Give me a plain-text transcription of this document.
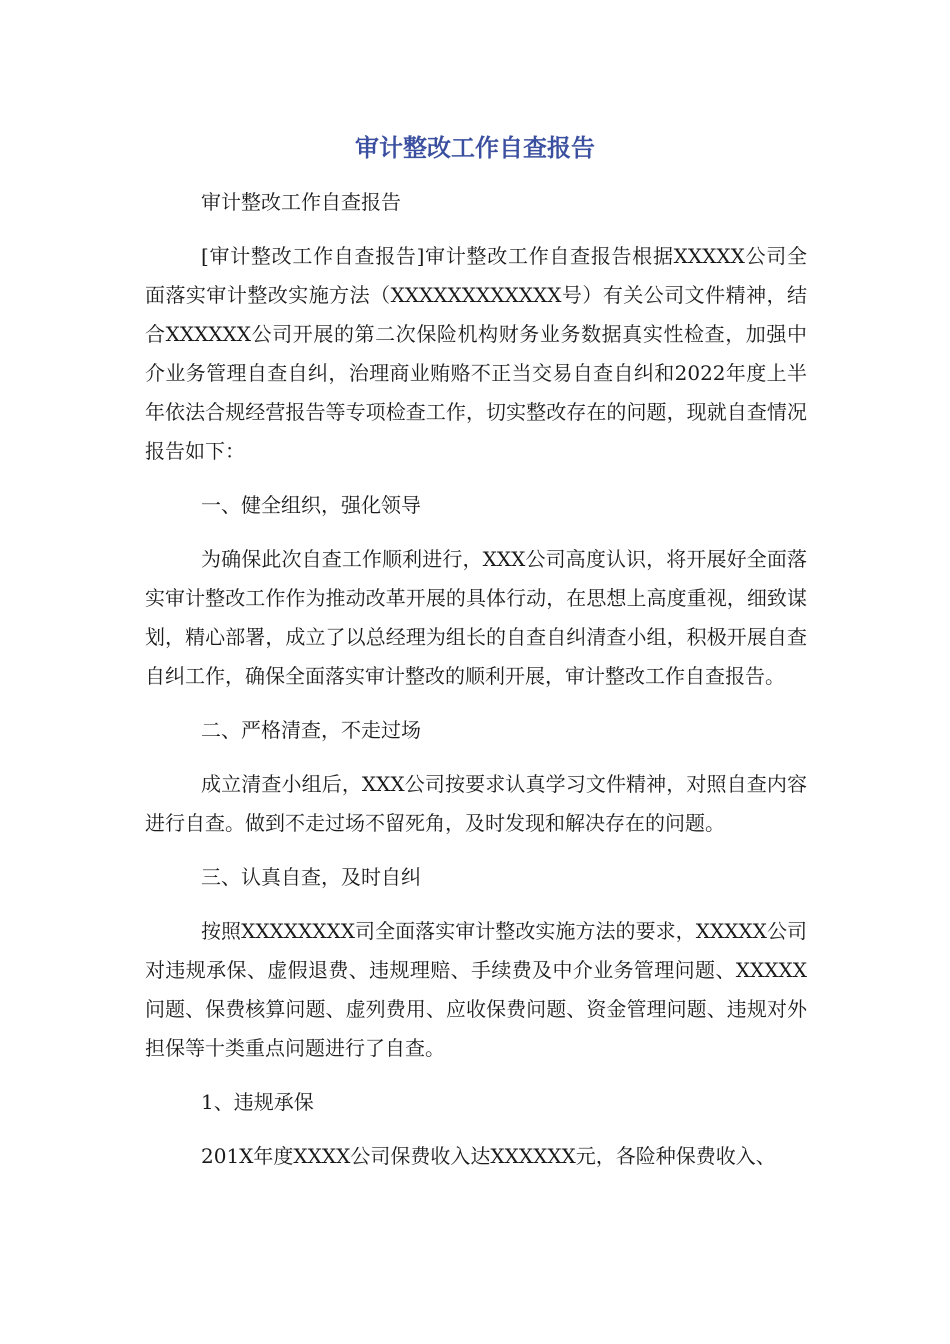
审计整改工作自查报告

审计整改工作自查报告

[审计整改工作自查报告]审计整改工作自查报告根据XXXXX公司全面落实审计整改实施方法（XXXXXXXXXXXX号）有关公司文件精神，结合XXXXXX公司开展的第二次保险机构财务业务数据真实性检查，加强中介业务管理自查自纠，治理商业贿赂不正当交易自查自纠和2022年度上半年依法合规经营报告等专项检查工作，切实整改存在的问题，现就自查情况报告如下：

一、健全组织，强化领导

为确保此次自查工作顺利进行，XXX公司高度认识，将开展好全面落实审计整改工作作为推动改革开展的具体行动，在思想上高度重视，细致谋划，精心部署，成立了以总经理为组长的自查自纠清查小组，积极开展自查自纠工作，确保全面落实审计整改的顺利开展，审计整改工作自查报告。

二、严格清查，不走过场

成立清查小组后，XXX公司按要求认真学习文件精神，对照自查内容进行自查。做到不走过场不留死角，及时发现和解决存在的问题。

三、认真自查，及时自纠

按照XXXXXXXX司全面落实审计整改实施方法的要求，XXXXX公司对违规承保、虚假退费、违规理赔、手续费及中介业务管理问题、XXXXX问题、保费核算问题、虚列费用、应收保费问题、资金管理问题、违规对外担保等十类重点问题进行了自查。

1、违规承保

201X年度XXXX公司保费收入达XXXXXX元，各险种保费收入、
